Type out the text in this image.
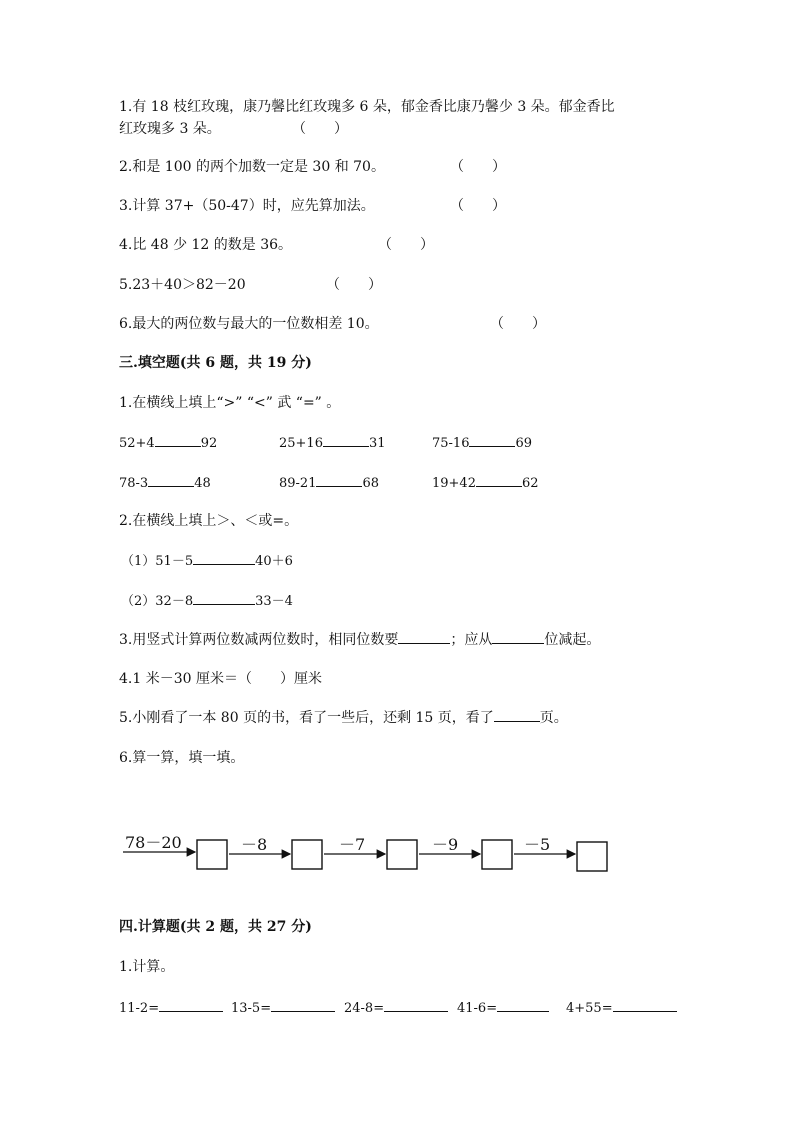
1.有 18 枝红玫瑰，康乃馨比红玫瑰多 6 朵，郁金香比康乃馨少 3 朵。郁金香比
红玫瑰多 3 朵。	（　　）
2.和是 100 的两个加数一定是 30 和 70。	（　　）
3.计算 37+（50-47）时，应先算加法。	（　　）
4.比 48 少 12 的数是 36。	（　　）
5.23＋40＞82－20	（　　）
6.最大的两位数与最大的一位数相差 10。	（　　）
三.填空题(共 6 题，共 19 分)
1.在横线上填上“>” “<” 武 “=” 。
52+4	92	25+16	31	75-16	69
78-3	48	89-21	68	19+42	62
2.在横线上填上＞、＜或=。
（1）51－5	40＋6
（2）32－8	33－4
3.用竖式计算两位数减两位数时，相同位数要	；应从	位减起。
4.1 米－30 厘米＝（　　）厘米
5.小刚看了一本 80 页的书，看了一些后，还剩 15 页，看了	页。
6.算一算，填一填。
78－20	－8	－7	－9	－5
四.计算题(共 2 题，共 27 分)
1.计算。
11-2=	13-5=	24-8=	41-6=	4+55=
